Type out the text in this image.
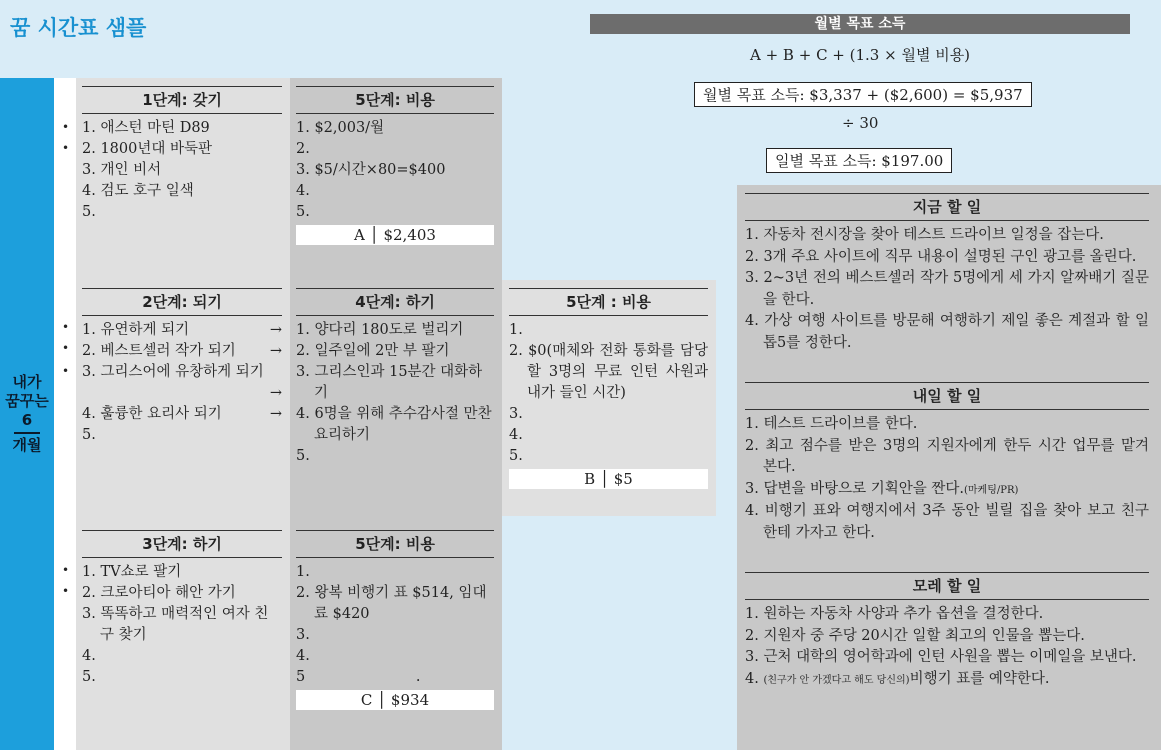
꿈 시간표 샘플
내가
꿈꾸는
6
개월
•
•
•
•
•
•
•
1단계: 갖기
1. 애스턴 마틴 D89
2. 1800년대 바둑판
3. 개인 비서
4. 검도 호구 일색
5.
5단계: 비용
1. $2,003/월
2.
3. $5/시간×80=$400
4.
5.
A │ $2,403
2단계: 되기
1. 유연하게 되기	→
2. 베스트셀러 작가 되기 →
3. 그리스어에 유창하게 되기
→
4. 훌륭한 요리사 되기	→
5.
4단계: 하기
1. 양다리 180도로 벌리기
2. 일주일에 2만 부 팔기
3. 그리스인과 15분간 대화하기
4. 6명을 위해 추수감사절 만찬 요리하기
5.
5단계 : 비용
1.
2. $0(매체와 전화 통화를 담당할 3명의 무료 인턴 사원과 내가 들인 시간)
3.
4.
5.
B │ $5
3단계: 하기
1. TV쇼로 팔기
2. 크로아티아 해안 가기
3. 똑똑하고 매력적인 여자 친구 찾기
4.
5.
5단계: 비용
1.
2. 왕복 비행기 표 $514, 임대료 $420
3.
4.
5                        .
C │ $934
월별 목표 소득
A + B + C + (1.3 × 월별 비용)
월별 목표 소득: $3,337 + ($2,600) = $5,937
÷ 30
일별 목표 소득: $197.00
지금 할 일
1. 자동차 전시장을 찾아 테스트 드라이브 일정을 잡는다.
2. 3개 주요 사이트에 직무 내용이 설명된 구인 광고를 올린다.
3. 2~3년 전의 베스트셀러 작가 5명에게 세 가지 알짜배기 질문을 한다.
4. 가상 여행 사이트를 방문해 여행하기 제일 좋은 계절과 할 일 톱5를 정한다.
내일 할 일
1. 테스트 드라이브를 한다.
2. 최고 점수를 받은 3명의 지원자에게 한두 시간 업무를 맡겨 본다.
3. 답변을 바탕으로 기획안을 짠다.(마케팅/PR)
4. 비행기 표와 여행지에서 3주 동안 빌릴 집을 찾아 보고 친구한테 가자고 한다.
모레 할 일
1. 원하는 자동차 사양과 추가 옵션을 결정한다.
2. 지원자 중 주당 20시간 일할 최고의 인물을 뽑는다.
3. 근처 대학의 영어학과에 인턴 사원을 뽑는 이메일을 보낸다.
4. (친구가 안 가겠다고 해도 당신의)비행기 표를 예약한다.
